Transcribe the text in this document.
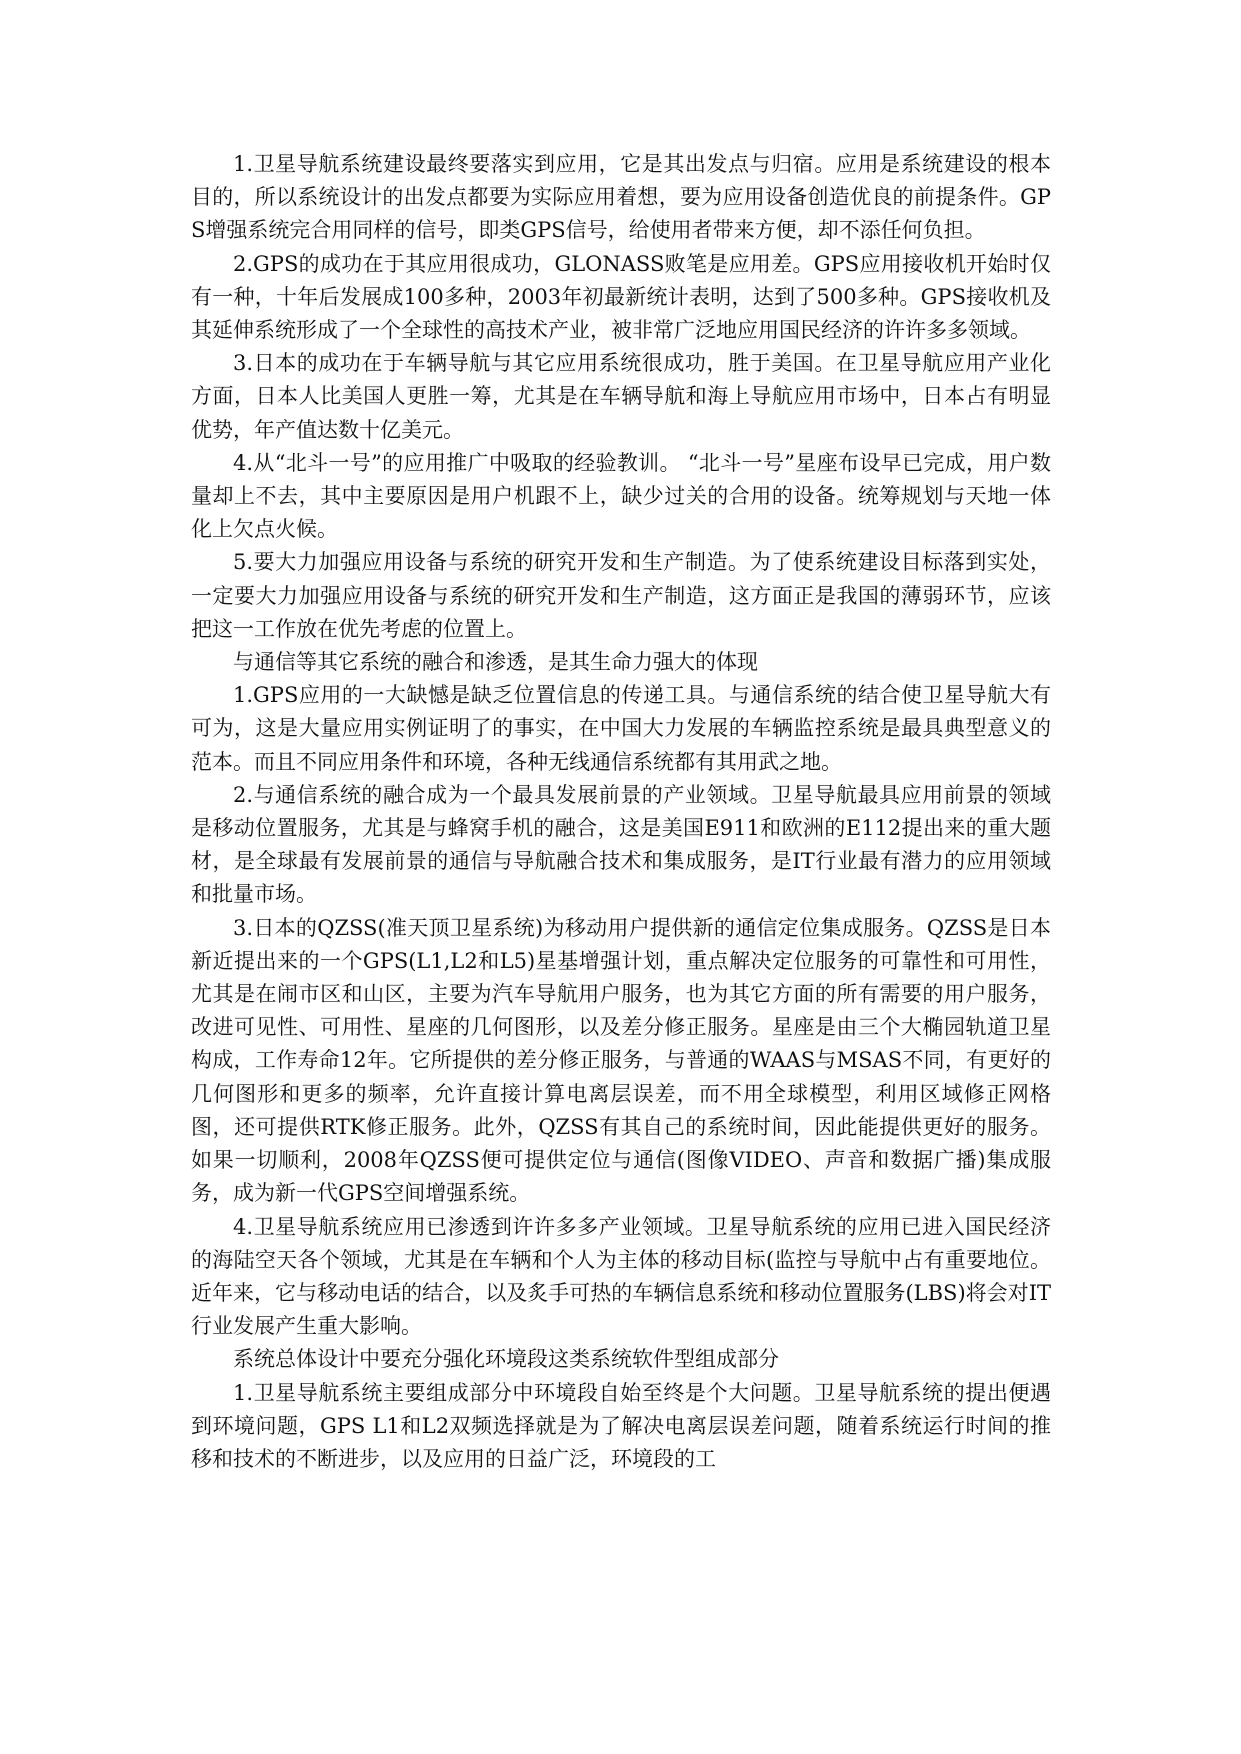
1.卫星导航系统建设最终要落实到应用，它是其出发点与归宿。应用是系统建设的根本目的，所以系统设计的出发点都要为实际应用着想，要为应用设备创造优良的前提条件。GPS增强系统完合用同样的信号，即类GPS信号，给使用者带来方便，却不添任何负担。

2.GPS的成功在于其应用很成功，GLONASS败笔是应用差。GPS应用接收机开始时仅有一种，十年后发展成100多种，2003年初最新统计表明，达到了500多种。GPS接收机及其延伸系统形成了一个全球性的高技术产业，被非常广泛地应用国民经济的许许多多领域。

3.日本的成功在于车辆导航与其它应用系统很成功，胜于美国。在卫星导航应用产业化方面，日本人比美国人更胜一筹，尤其是在车辆导航和海上导航应用市场中，日本占有明显优势，年产值达数十亿美元。

4.从“北斗一号”的应用推广中吸取的经验教训。 “北斗一号”星座布设早已完成，用户数量却上不去，其中主要原因是用户机跟不上，缺少过关的合用的设备。统筹规划与天地一体化上欠点火候。

5.要大力加强应用设备与系统的研究开发和生产制造。为了使系统建设目标落到实处，一定要大力加强应用设备与系统的研究开发和生产制造，这方面正是我国的薄弱环节，应该把这一工作放在优先考虑的位置上。

与通信等其它系统的融合和渗透，是其生命力强大的体现

1.GPS应用的一大缺憾是缺乏位置信息的传递工具。与通信系统的结合使卫星导航大有可为，这是大量应用实例证明了的事实，在中国大力发展的车辆监控系统是最具典型意义的范本。而且不同应用条件和环境，各种无线通信系统都有其用武之地。

2.与通信系统的融合成为一个最具发展前景的产业领域。卫星导航最具应用前景的领域是移动位置服务，尤其是与蜂窝手机的融合，这是美国E911和欧洲的E112提出来的重大题材，是全球最有发展前景的通信与导航融合技术和集成服务，是IT行业最有潜力的应用领域和批量市场。

3.日本的QZSS(准天顶卫星系统)为移动用户提供新的通信定位集成服务。QZSS是日本新近提出来的一个GPS(L1,L2和L5)星基增强计划，重点解决定位服务的可靠性和可用性，尤其是在闹市区和山区，主要为汽车导航用户服务，也为其它方面的所有需要的用户服务，改进可见性、可用性、星座的几何图形，以及差分修正服务。星座是由三个大椭园轨道卫星构成，工作寿命12年。它所提供的差分修正服务，与普通的WAAS与MSAS不同，有更好的几何图形和更多的频率，允许直接计算电离层误差，而不用全球模型，利用区域修正网格图，还可提供RTK修正服务。此外，QZSS有其自己的系统时间，因此能提供更好的服务。如果一切顺利，2008年QZSS便可提供定位与通信(图像VIDEO、声音和数据广播)集成服务，成为新一代GPS空间增强系统。

4.卫星导航系统应用已渗透到许许多多产业领域。卫星导航系统的应用已进入国民经济的海陆空天各个领域，尤其是在车辆和个人为主体的移动目标(监控与导航中占有重要地位。近年来，它与移动电话的结合，以及炙手可热的车辆信息系统和移动位置服务(LBS)将会对IT行业发展产生重大影响。

系统总体设计中要充分强化环境段这类系统软件型组成部分

1.卫星导航系统主要组成部分中环境段自始至终是个大问题。卫星导航系统的提出便遇到环境问题，GPS L1和L2双频选择就是为了解决电离层误差问题，随着系统运行时间的推移和技术的不断进步，以及应用的日益广泛，环境段的工
